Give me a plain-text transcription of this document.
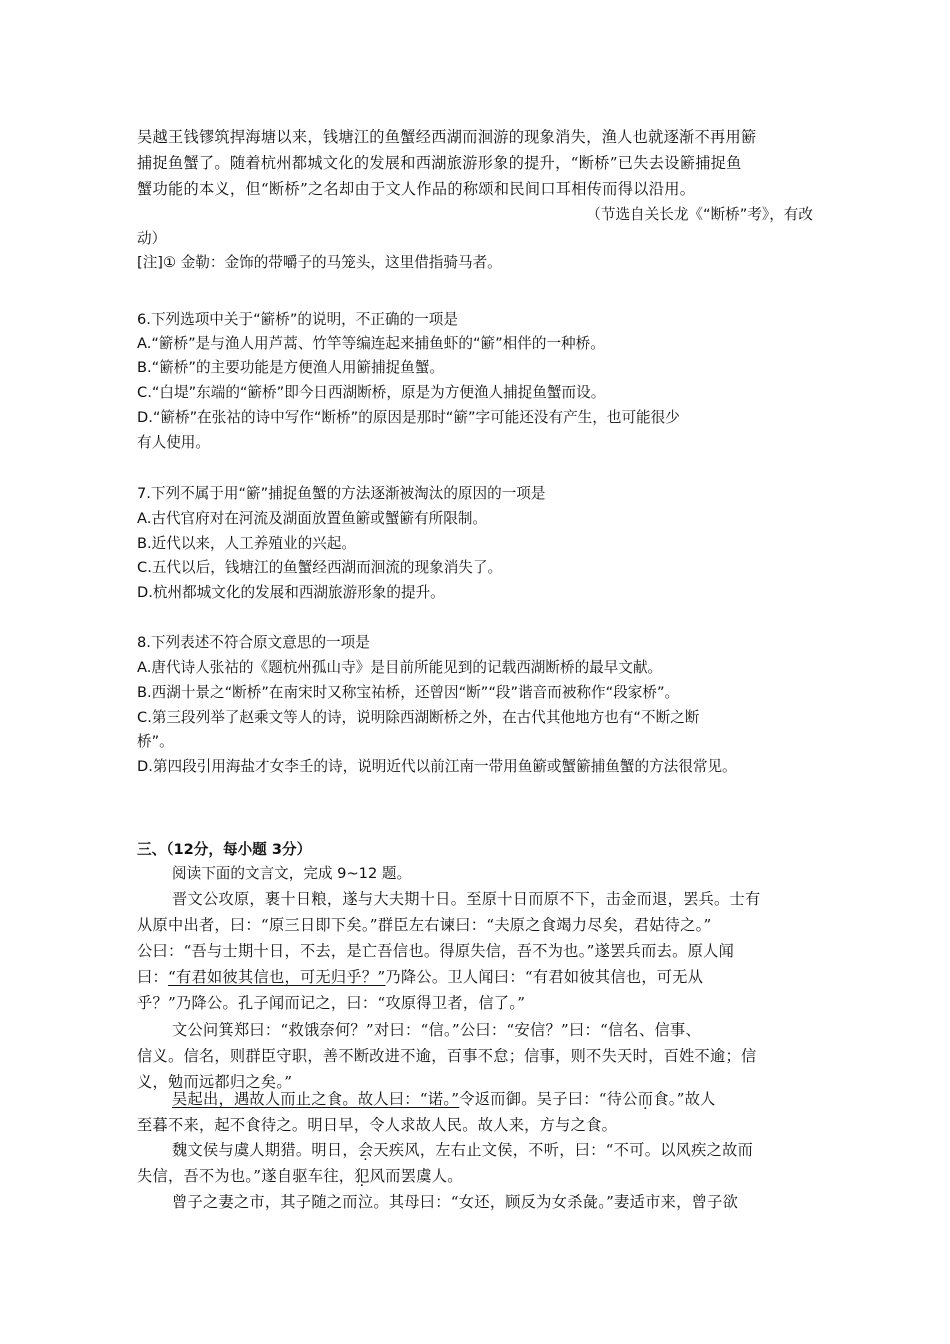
吴越王钱镠筑捍海塘以来，钱塘江的鱼蟹经西湖而洄游的现象消失，渔人也就逐渐不再用簖
捕捉鱼蟹了。随着杭州都城文化的发展和西湖旅游形象的提升，“断桥”已失去设簖捕捉鱼
蟹功能的本义，但“断桥”之名却由于文人作品的称颂和民间口耳相传而得以沿用。
（节选自关长龙《“断桥”考》，有改
动）
[注]① 金勒：金饰的带嚼子的马笼头，这里借指骑马者。
6.下列选项中关于“簖桥”的说明，不正确的一项是
A.“簖桥”是与渔人用芦蒿、竹竿等编连起来捕鱼虾的“簖”相伴的一种桥。
B.“簖桥”的主要功能是方便渔人用簖捕捉鱼蟹。
C.“白堤”东端的“簖桥”即今日西湖断桥，原是为方便渔人捕捉鱼蟹而设。
D.“簖桥”在张祜的诗中写作“断桥”的原因是那时“簖”字可能还没有产生，也可能很少
有人使用。
7.下列不属于用“簖”捕捉鱼蟹的方法逐渐被淘汰的原因的一项是
A.古代官府对在河流及湖面放置鱼簖或蟹簖有所限制。
B.近代以来，人工养殖业的兴起。
C.五代以后，钱塘江的鱼蟹经西湖而洄流的现象消失了。
D.杭州都城文化的发展和西湖旅游形象的提升。
8.下列表述不符合原文意思的一项是
A.唐代诗人张祜的《题杭州孤山寺》是目前所能见到的记载西湖断桥的最早文献。
B.西湖十景之“断桥”在南宋时又称宝祐桥，还曾因“断”“段”谐音而被称作“段家桥”。
C.第三段列举了赵乘文等人的诗，说明除西湖断桥之外，在古代其他地方也有“不断之断
桥”。
D.第四段引用海盐才女李壬的诗，说明近代以前江南一带用鱼簖或蟹簖捕鱼蟹的方法很常见。
三、（12分，每小题 3分）
阅读下面的文言文，完成 9~12 题。
晋文公攻原，裹十日粮，遂与大夫期十日。至原十日而原不下，击金而退，罢兵。士有
从原中出者，曰：“原三日即下矣。”群臣左右谏曰：“夫原之食竭力尽矣，君姑待之。”
公曰：“吾与士期十日，不去，是亡吾信也。得原失信，吾不为也。”遂罢兵而去。原人闻
曰：“有君如彼其信也，可无归乎？”乃降公。卫人闻曰：“有君如彼其信也，可无从
乎？”乃降公。孔子闻而记之，曰：“攻原得卫者，信了。”
文公问箕郑曰：“救饿奈何？”对曰：“信。”公曰：“安信？”曰：“信名、信事、
信义。信名，则群臣守职，善不断改进不逾，百事不怠；信事，则不失天时，百姓不逾；信
义，勉而远都归之矣。”
吴起出，遇故人而止之食。故人曰：“诺。”令返而御。吴子曰：“待公而食。”故人
至暮不来，起不食待之。明日早，令人求故人民。故人来，方与之食。
魏文侯与虞人期猎。明日，会天疾风，左右止文侯，不听，曰：“不可。以风疾之故而
失信，吾不为也。”遂自驱车往，犯风而罢虞人。
曾子之妻之市，其子随之而泣。其母曰：“女还，顾反为女杀彘。”妻适市来，曾子欲
